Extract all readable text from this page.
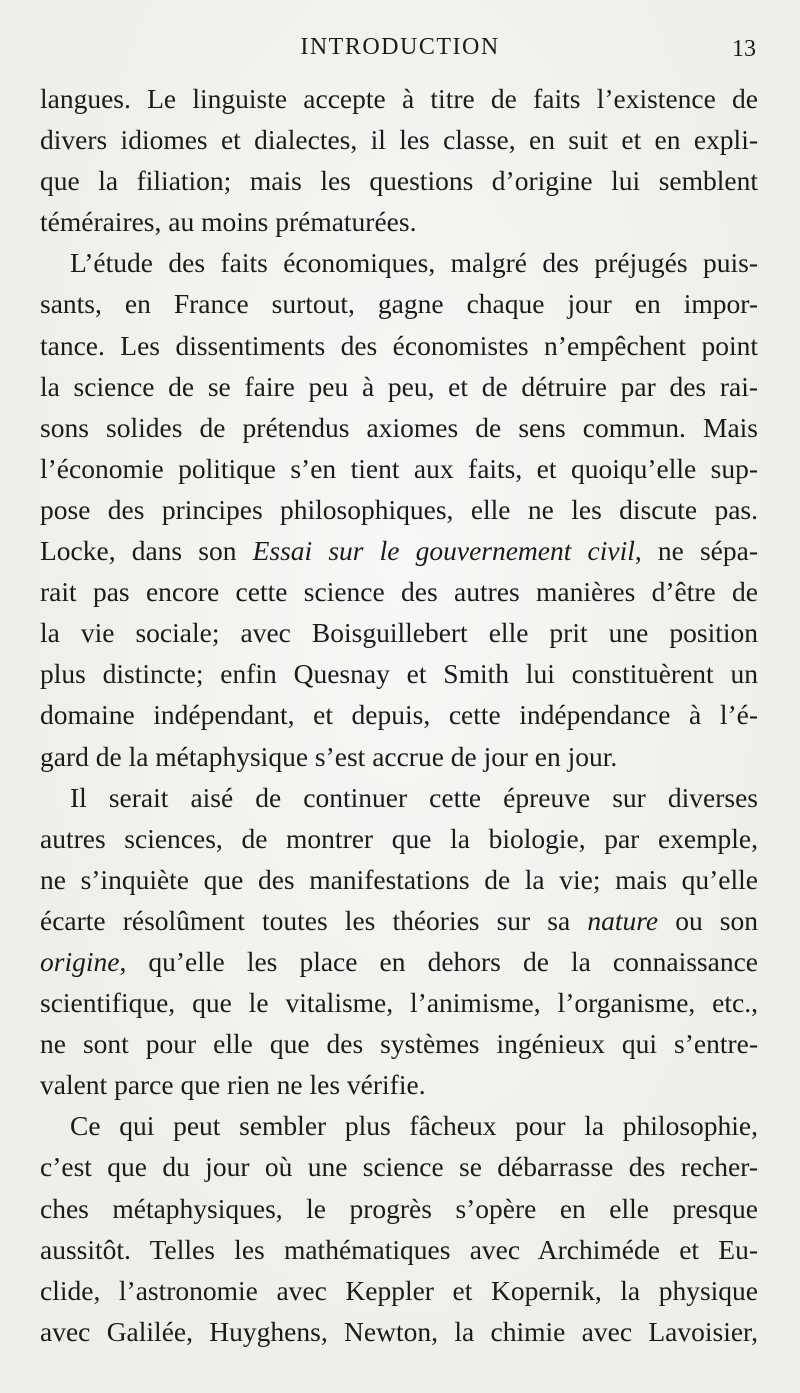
INTRODUCTION	13
langues. Le linguiste accepte à titre de faits l’existence de
divers idiomes et dialectes, il les classe, en suit et en expli-
que la filiation; mais les questions d’origine lui semblent
téméraires, au moins prématurées.
L’étude des faits économiques, malgré des préjugés puis-
sants, en France surtout, gagne chaque jour en impor-
tance. Les dissentiments des économistes n’empêchent point
la science de se faire peu à peu, et de détruire par des rai-
sons solides de prétendus axiomes de sens commun. Mais
l’économie politique s’en tient aux faits, et quoiqu’elle sup-
pose des principes philosophiques, elle ne les discute pas.
Locke, dans son Essai sur le gouvernement civil, ne sépa-
rait pas encore cette science des autres manières d’être de
la vie sociale; avec Boisguillebert elle prit une position
plus distincte; enfin Quesnay et Smith lui constituèrent un
domaine indépendant, et depuis, cette indépendance à l’é-
gard de la métaphysique s’est accrue de jour en jour.
Il serait aisé de continuer cette épreuve sur diverses
autres sciences, de montrer que la biologie, par exemple,
ne s’inquiète que des manifestations de la vie; mais qu’elle
écarte résolûment toutes les théories sur sa nature ou son
origine, qu’elle les place en dehors de la connaissance
scientifique, que le vitalisme, l’animisme, l’organisme, etc.,
ne sont pour elle que des systèmes ingénieux qui s’entre-
valent parce que rien ne les vérifie.
Ce qui peut sembler plus fâcheux pour la philosophie,
c’est que du jour où une science se débarrasse des recher-
ches métaphysiques, le progrès s’opère en elle presque
aussitôt. Telles les mathématiques avec Archiméde et Eu-
clide, l’astronomie avec Keppler et Kopernik, la physique
avec Galilée, Huyghens, Newton, la chimie avec Lavoisier,
